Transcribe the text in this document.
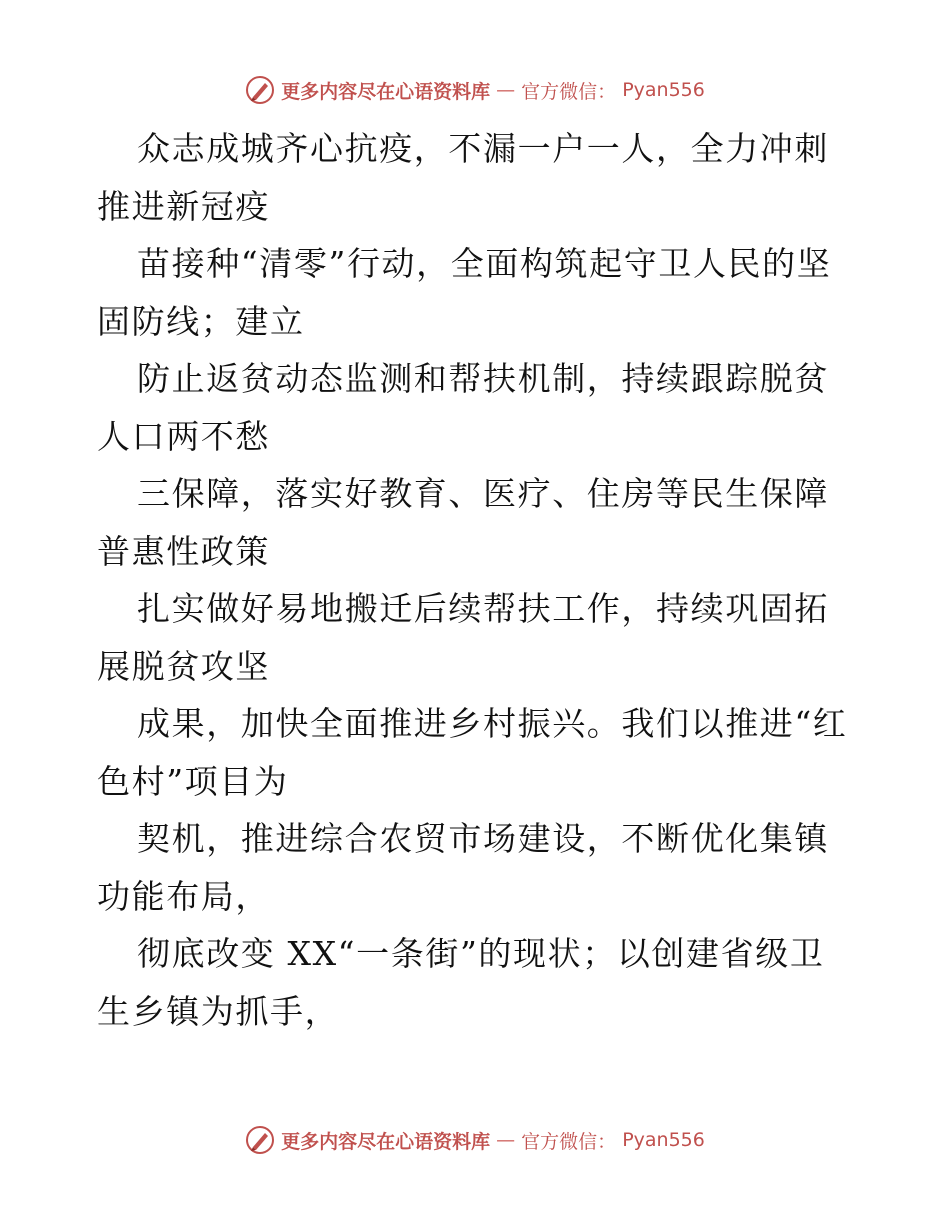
更多内容尽在心语资料库 — 官方微信： Pyan556

众志成城齐心抗疫，不漏一户一人，全力冲刺推进新冠疫

苗接种“清零”行动，全面构筑起守卫人民的坚固防线；建立

防止返贫动态监测和帮扶机制，持续跟踪脱贫人口两不愁

三保障，落实好教育、医疗、住房等民生保障普惠性政策

扎实做好易地搬迁后续帮扶工作，持续巩固拓展脱贫攻坚

成果，加快全面推进乡村振兴。我们以推进“红色村”项目为

契机，推进综合农贸市场建设，不断优化集镇功能布局，

彻底改变 XX“一条街”的现状；以创建省级卫生乡镇为抓手，

更多内容尽在心语资料库 — 官方微信： Pyan556
